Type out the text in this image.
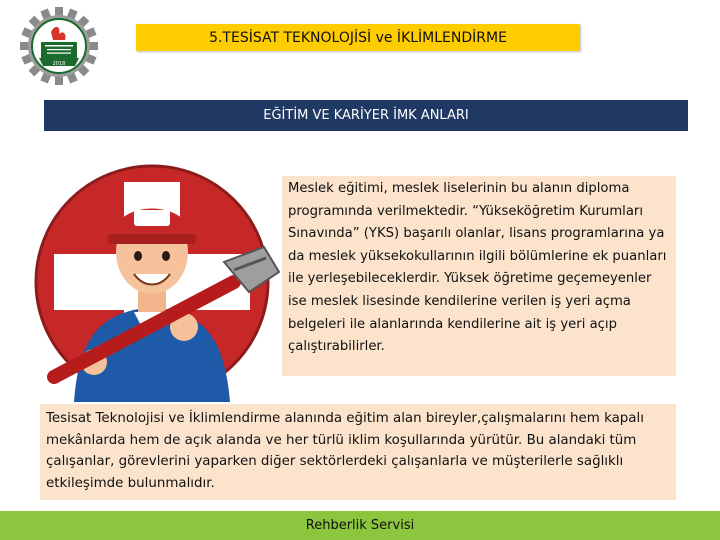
2018
5.TESİSAT TEKNOLOJİSİ ve İKLİMLENDİRME
EĞİTİM VE KARİYER İMK ANLARI
Meslek eğitimi, meslek liselerinin bu alanın diploma programında verilmektedir. “Yükseköğretim Kurumları Sınavında” (YKS) başarılı olanlar, lisans programlarına ya da meslek yüksekokullarının ilgili bölümlerine ek puanları ile yerleşebileceklerdir. Yüksek öğretime geçemeyenler ise meslek lisesinde kendilerine verilen iş yeri açma belgeleri ile alanlarında kendilerine ait iş yeri açıp çalıştırabilirler.
Tesisat Teknolojisi ve İklimlendirme alanında eğitim alan bireyler,çalışmalarını hem kapalı mekânlarda hem de açık alanda ve her türlü iklim koşullarında yürütür. Bu alandaki tüm çalışanlar, görevlerini yaparken diğer sektörlerdeki çalışanlarla ve müşterilerle sağlıklı etkileşimde bulunmalıdır.
Rehberlik Servisi
